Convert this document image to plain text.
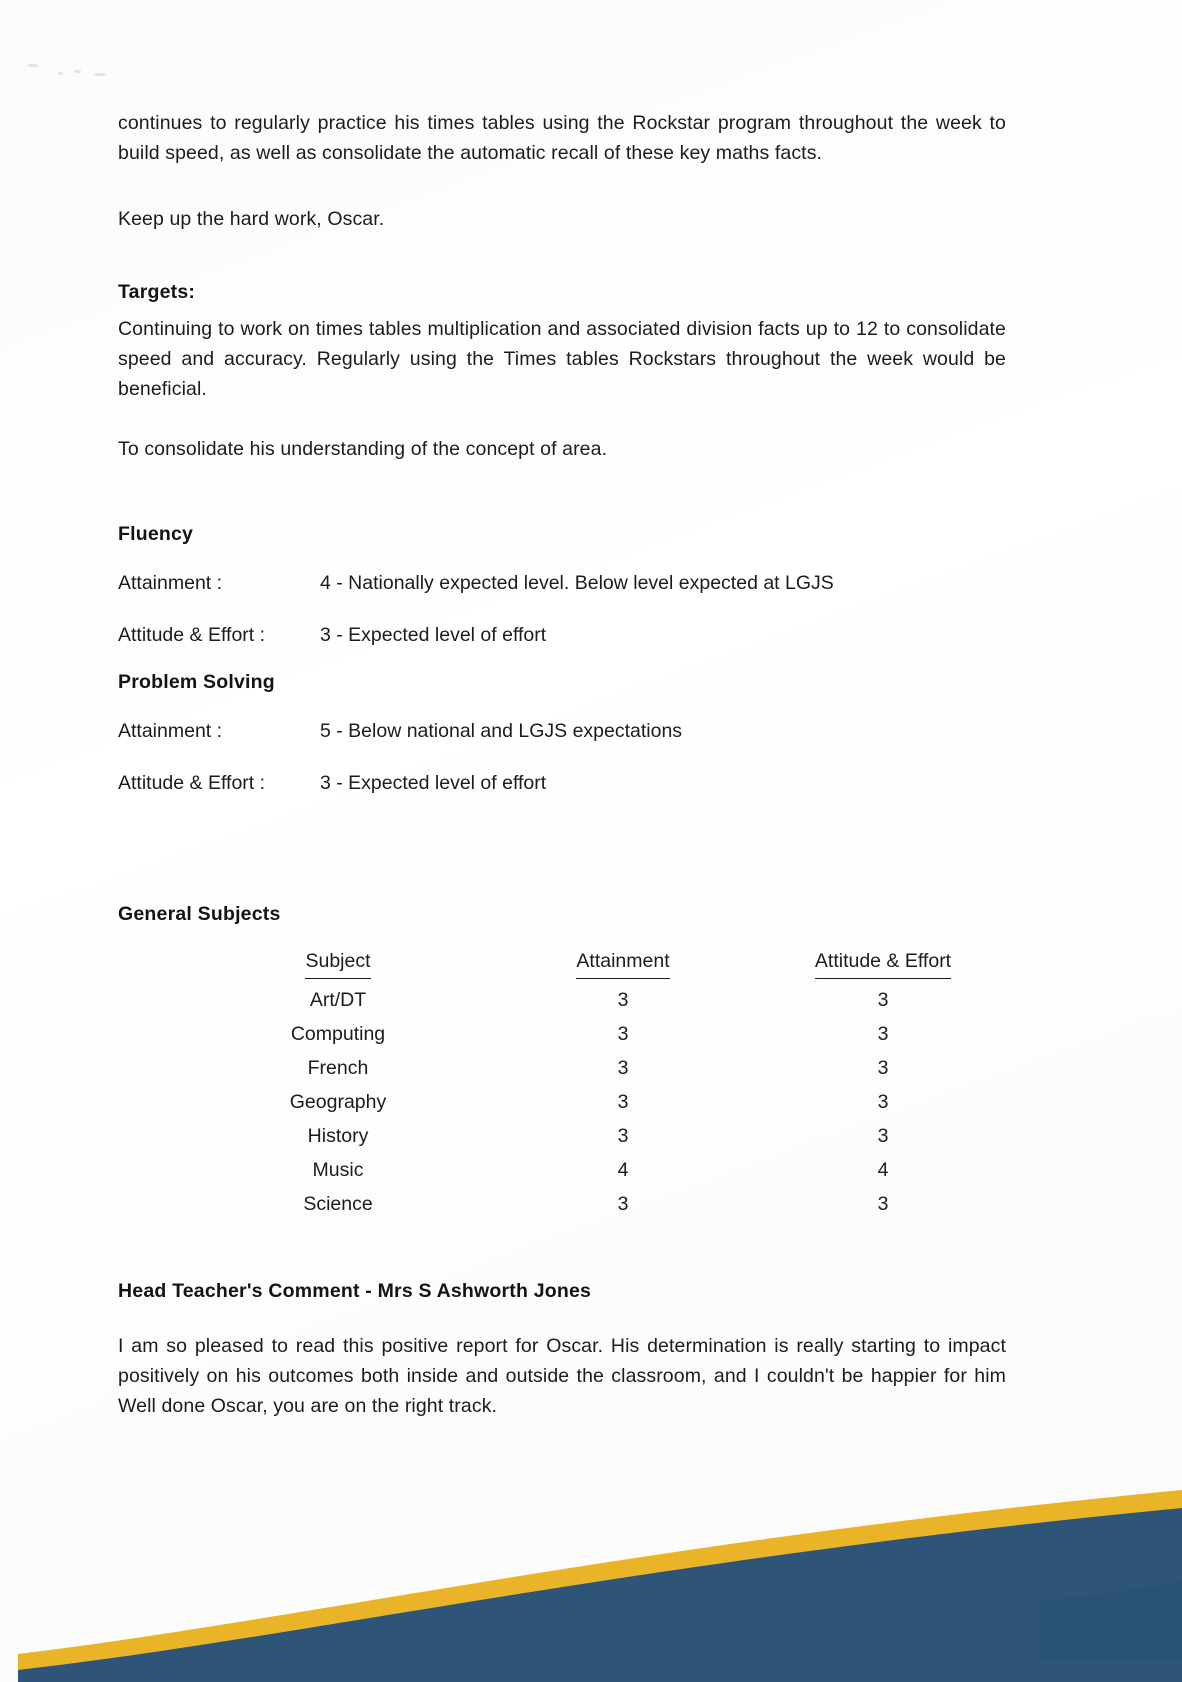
continues to regularly practice his times tables using the Rockstar program throughout the week to build speed, as well as consolidate the automatic recall of these key maths facts.

Keep up the hard work, Oscar.

Targets:

Continuing to work on times tables multiplication and associated division facts up to 12 to consolidate speed and accuracy. Regularly using the Times tables Rockstars throughout the week would be beneficial.

To consolidate his understanding of the concept of area.

Fluency
Attainment :	4 - Nationally expected level. Below level expected at LGJS
Attitude & Effort :	3 - Expected level of effort
Problem Solving
Attainment :	5 - Below national and LGJS expectations
Attitude & Effort :	3 - Expected level of effort
General Subjects
Subject	Attainment	Attitude & Effort
Art/DT	3	3
Computing	3	3
French	3	3
Geography	3	3
History	3	3
Music	4	4
Science	3	3
Head Teacher's Comment - Mrs S Ashworth Jones

I am so pleased to read this positive report for Oscar. His determination is really starting to impact positively on his outcomes both inside and outside the classroom, and I couldn't be happier for him Well done Oscar, you are on the right track.
